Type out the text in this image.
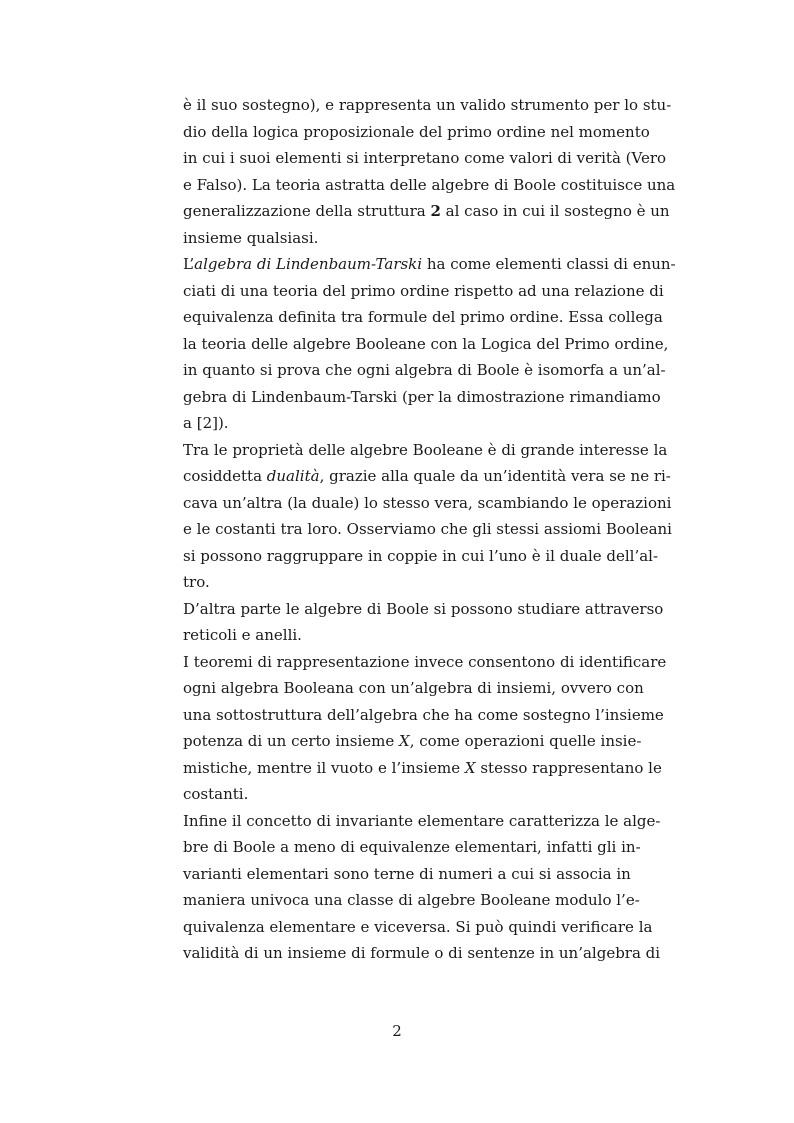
è il suo sostegno), e rappresenta un valido strumento per lo stu-
dio della logica proposizionale del primo ordine nel momento
in cui i suoi elementi si interpretano come valori di verità (Vero
e Falso). La teoria astratta delle algebre di Boole costituisce una
generalizzazione della struttura 2 al caso in cui il sostegno è un
insieme qualsiasi.
L’algebra di Lindenbaum-Tarski ha come elementi classi di enun-
ciati di una teoria del primo ordine rispetto ad una relazione di
equivalenza definita tra formule del primo ordine. Essa collega
la teoria delle algebre Booleane con la Logica del Primo ordine,
in quanto si prova che ogni algebra di Boole è isomorfa a un’al-
gebra di Lindenbaum-Tarski (per la dimostrazione rimandiamo
a [2]).
Tra le proprietà delle algebre Booleane è di grande interesse la
cosiddetta dualità, grazie alla quale da un’identità vera se ne ri-
cava un’altra (la duale) lo stesso vera, scambiando le operazioni
e le costanti tra loro. Osserviamo che gli stessi assiomi Booleani
si possono raggruppare in coppie in cui l’uno è il duale dell’al-
tro.
D’altra parte le algebre di Boole si possono studiare attraverso
reticoli e anelli.
I teoremi di rappresentazione invece consentono di identificare
ogni algebra Booleana con un’algebra di insiemi, ovvero con
una sottostruttura dell’algebra che ha come sostegno l’insieme
potenza di un certo insieme X, come operazioni quelle insie-
mistiche, mentre il vuoto e l’insieme X stesso rappresentano le
costanti.
Infine il concetto di invariante elementare caratterizza le alge-
bre di Boole a meno di equivalenze elementari, infatti gli in-
varianti elementari sono terne di numeri a cui si associa in
maniera univoca una classe di algebre Booleane modulo l’e-
quivalenza elementare e viceversa. Si può quindi verificare la
validità di un insieme di formule o di sentenze in un’algebra di
2
